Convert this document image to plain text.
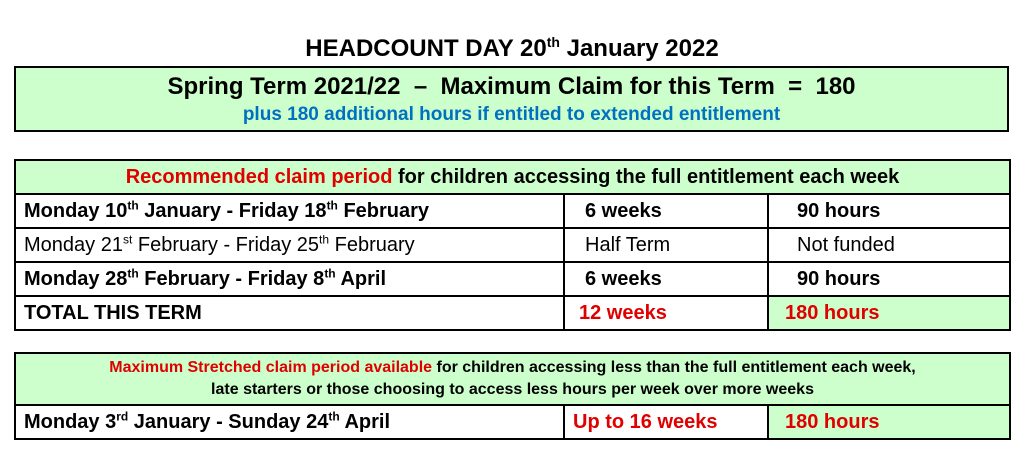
HEADCOUNT DAY 20th January 2022
Spring Term 2021/22  –  Maximum Claim for this Term  =  180
plus 180 additional hours if entitled to extended entitlement
Recommended claim period for children accessing the full entitlement each week		
Monday 10th January - Friday 18th February	6 weeks	90 hours
Monday 21st February - Friday 25th February	Half Term	Not funded
Monday 28th February - Friday 8th April	6 weeks	90 hours
TOTAL THIS TERM	12 weeks	180 hours
Maximum Stretched claim period available for children accessing less than the full entitlement each week,
late starters or those choosing to access less hours per week over more weeks

Monday 3rd January - Sunday 24th April	Up to 16 weeks	180 hours
